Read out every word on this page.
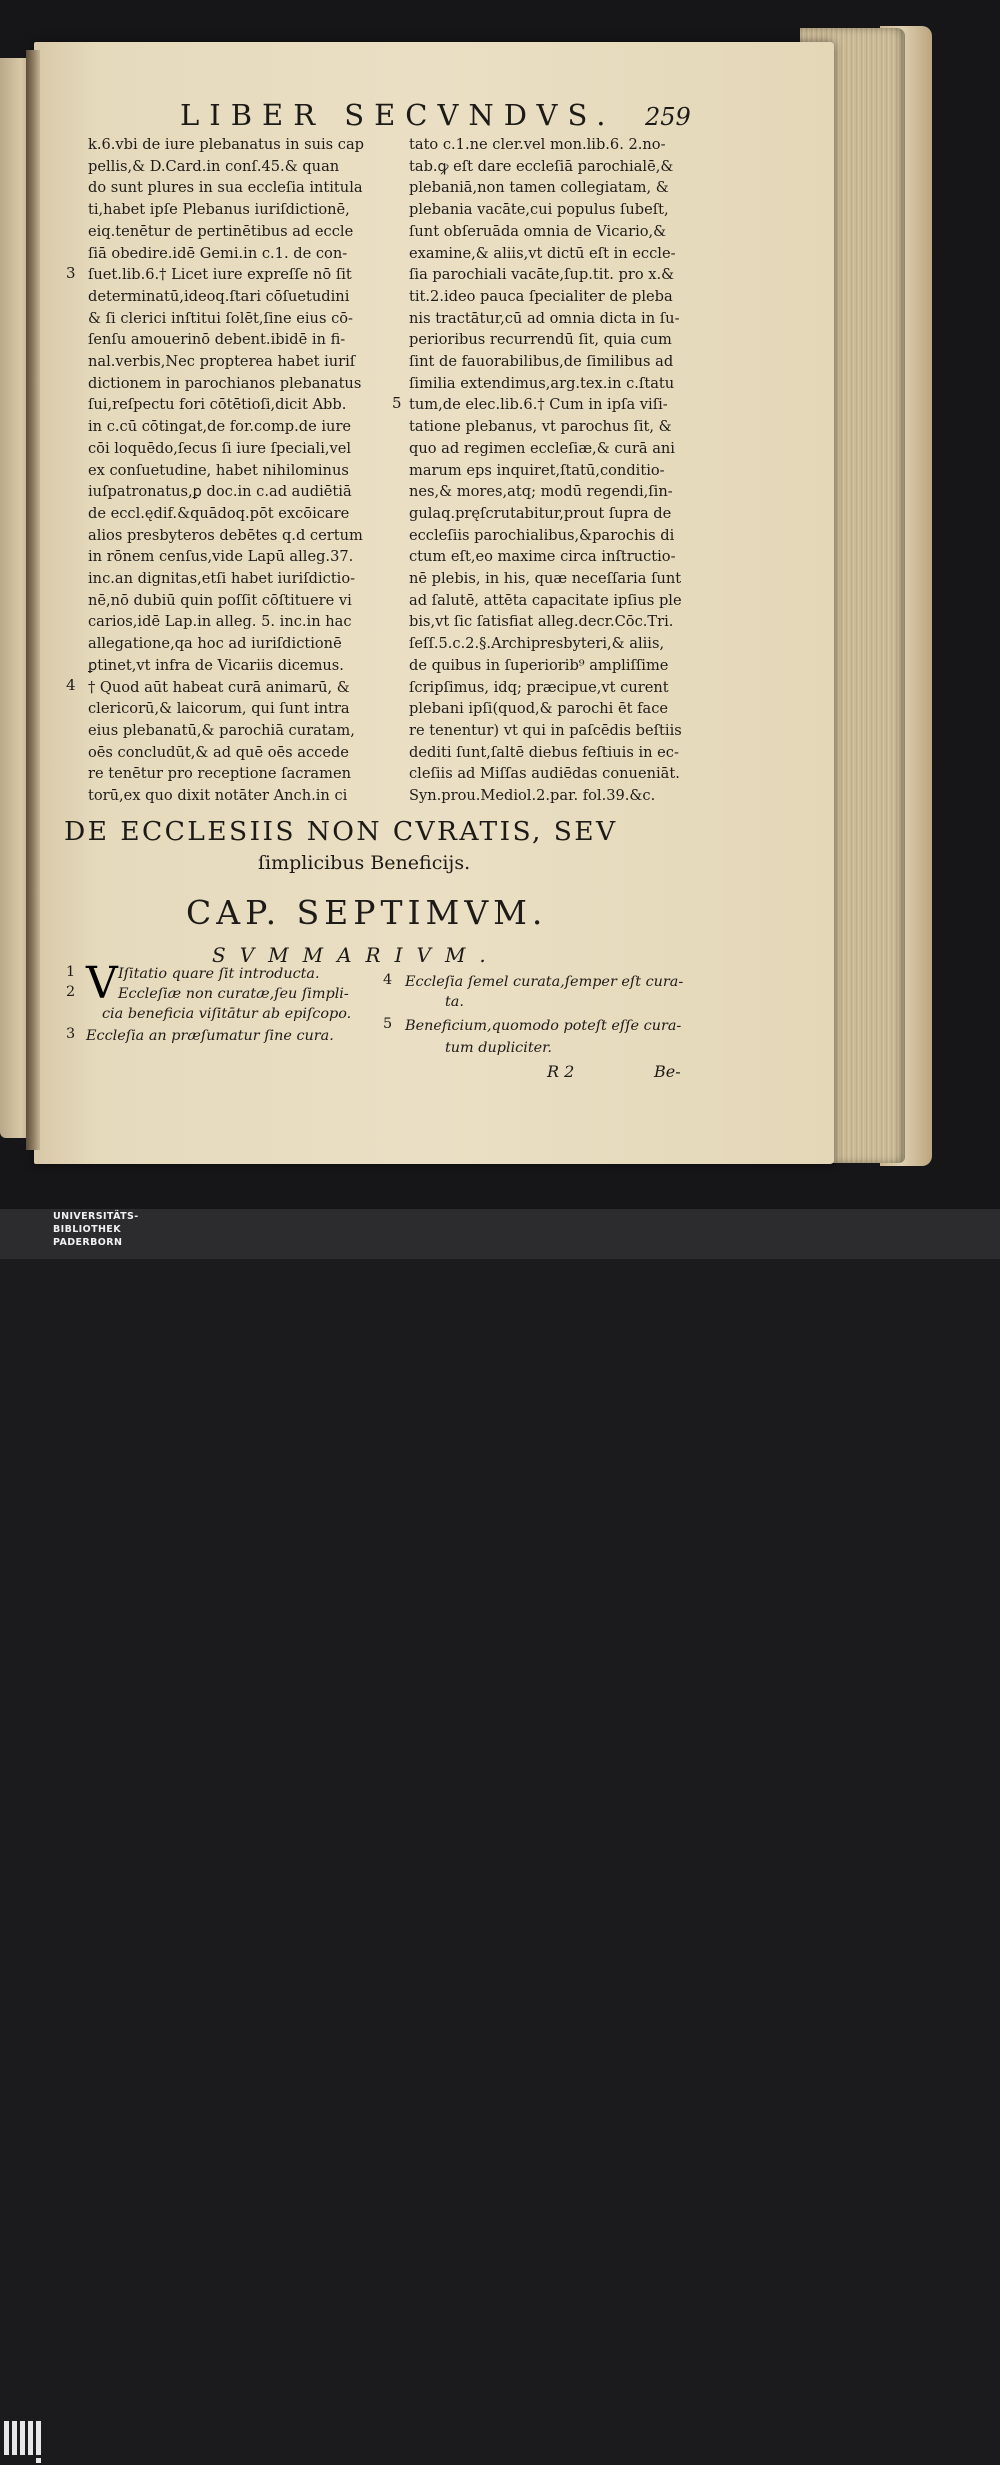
LIBER SECVNDVS. 259
k.6.vbi de iure plebanatus in suis cap
pellis,& D.Card.in conſ.45.& quan
do sunt plures in sua eccleſia intitula
ti,habet ipſe Plebanus iuriſdictionē,
eiq.tenētur de pertinētibus ad eccle
ſiā obedire.idē Gemi.in c.1. de con-
ſuet.lib.6.† Licet iure expreſſe nō ſit
determinatū,ideoq.ſtari cōſuetudini
& ſi clerici inſtitui ſolēt,ſine eius cō-
ſenſu amouerinō debent.ibidē in fi-
nal.verbis,Nec propterea habet iuriſ
dictionem in parochianos plebanatus
ſui,reſpectu fori cōtētioſi,dicit Abb.
in c.cū cōtingat,de for.comp.de iure
cōi loquēdo,ſecus ſi iure ſpeciali,vel
ex conſuetudine, habet nihilominus
iuſpatronatus,ꝑ doc.in c.ad audiētiā
de eccl.ędif.&quādoq.pōt excōicare
alios presbyteros debētes q.d certum
in rōnem cenſus,vide Lapū alleg.37.
inc.an dignitas,etſi habet iuriſdictio-
nē,nō dubiū quin poſſit cōſtituere vi
carios,idē Lap.in alleg. 5. inc.in hac
allegatione,qa hoc ad iuriſdictionē
ꝑtinet,vt infra de Vicariis dicemus.
† Quod aūt habeat curā animarū, &
clericorū,& laicorum, qui ſunt intra
eius plebanatū,& parochiā curatam,
oēs concludūt,& ad quē oēs accede
re tenētur pro receptione ſacramen
torū,ex quo dixit notāter Anch.in ci
tato c.1.ne cler.vel mon.lib.6. 2.no-
tab.ꝙ eſt dare eccleſiā parochialē,&
plebaniā,non tamen collegiatam, &
plebania vacāte,cui populus ſubeſt,
ſunt obſeruāda omnia de Vicario,&
examine,& aliis,vt dictū eſt in eccle-
ſia parochiali vacāte,ſup.tit. pro x.&
tit.2.ideo pauca ſpecialiter de pleba
nis tractātur,cū ad omnia dicta in ſu-
perioribus recurrendū ſit, quia cum
ſint de fauorabilibus,de ſimilibus ad
ſimilia extendimus,arg.tex.in c.ſtatu
tum,de elec.lib.6.† Cum in ipſa viſi-
tatione plebanus, vt parochus ſit, &
quo ad regimen eccleſiæ,& curā ani
marum eps inquiret,ſtatū,conditio-
nes,& mores,atq; modū regendi,ſin-
gulaq.pręſcrutabitur,prout ſupra de
eccleſiis parochialibus,&parochis di
ctum eſt,eo maxime circa inſtructio-
nē plebis, in his, quæ neceſſaria ſunt
ad ſalutē, attēta capacitate ipſius ple
bis,vt ſic ſatisfiat alleg.decr.Cōc.Tri.
ſeſſ.5.c.2.§.Archipresbyteri,& aliis,
de quibus in ſuperiorib⁹ ampliſſime
ſcripſimus, idq; præcipue,vt curent
plebani ipſi(quod,& parochi ēt face
re tenentur) vt qui in paſcēdis beſtiis
dediti ſunt,ſaltē diebus feſtiuis in ec-
cleſiis ad Miſſas audiēdas conueniāt.
Syn.prou.Mediol.2.par. fol.39.&c.
3
4
5
DE ECCLESIIS NON CVRATIS, SEV
ſimplicibus Beneficijs.
CAP. SEPTIMVM.
SVMMARIVM.
1
2
3
V Iſitatio quare ſit introducta.
Eccleſiæ non curatæ,ſeu ſimpli-
cia beneficia viſitātur ab epiſcopo.
Eccleſia an præſumatur ſine cura.
4 Eccleſia ſemel curata,ſemper eſt cura-
ta.
5 Beneficium,quomodo poteſt eſſe cura-
tum dupliciter.
R 2	Be-
UNIVERSITÄTS-
BIBLIOTHEK
PADERBORN
